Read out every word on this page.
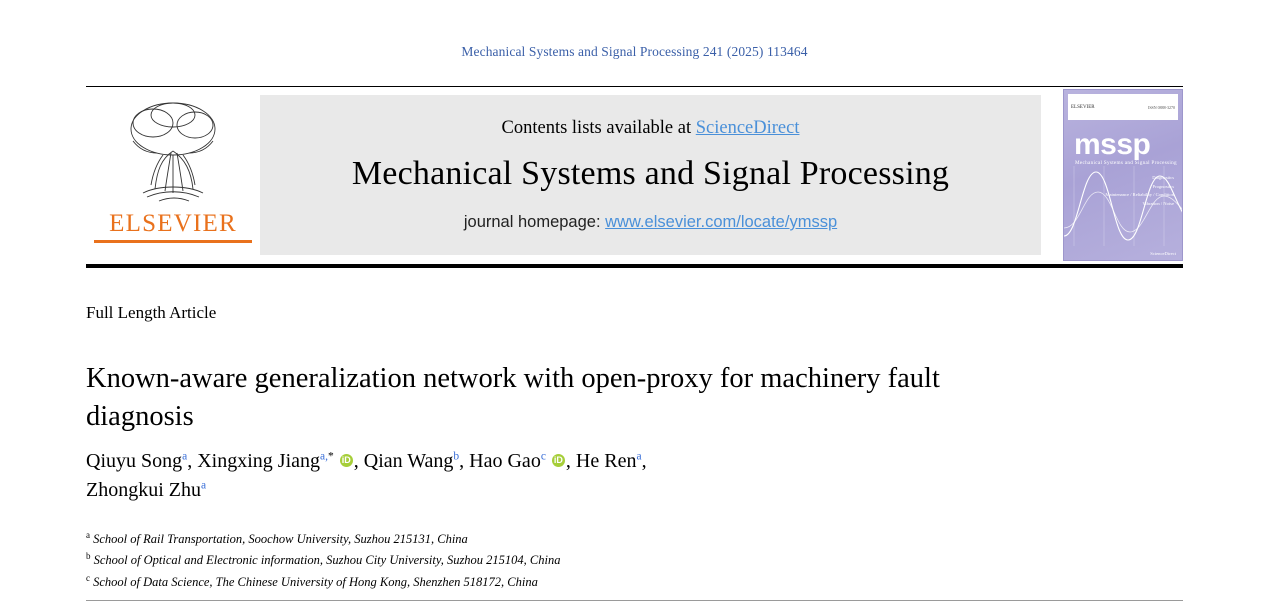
Mechanical Systems and Signal Processing 241 (2025) 113464
ELSEVIER
Contents lists available at ScienceDirect
Mechanical Systems and Signal Processing
journal homepage: www.elsevier.com/locate/ymssp
ELSEVIER	ISSN 0888-3270
mssp
Mechanical Systems and Signal Processing
Diagnostics
Prognostics
Maintenance / Reliability / Condition
Vibration / Noise
ScienceDirect
Full Length Article
Known-aware generalization network with open-proxy for machinery fault diagnosis
Qiuyu Song$^a$, Xingxing Jiang$^{a,*}$ iD , Qian Wang$^b$, Hao Gao$^c$ iD , He Ren$^a$,
Zhongkui Zhu$^a$
$^a$ School of Rail Transportation, Soochow University, Suzhou 215131, China
$^b$ School of Optical and Electronic information, Suzhou City University, Suzhou 215104, China
$^c$ School of Data Science, The Chinese University of Hong Kong, Shenzhen 518172, China
